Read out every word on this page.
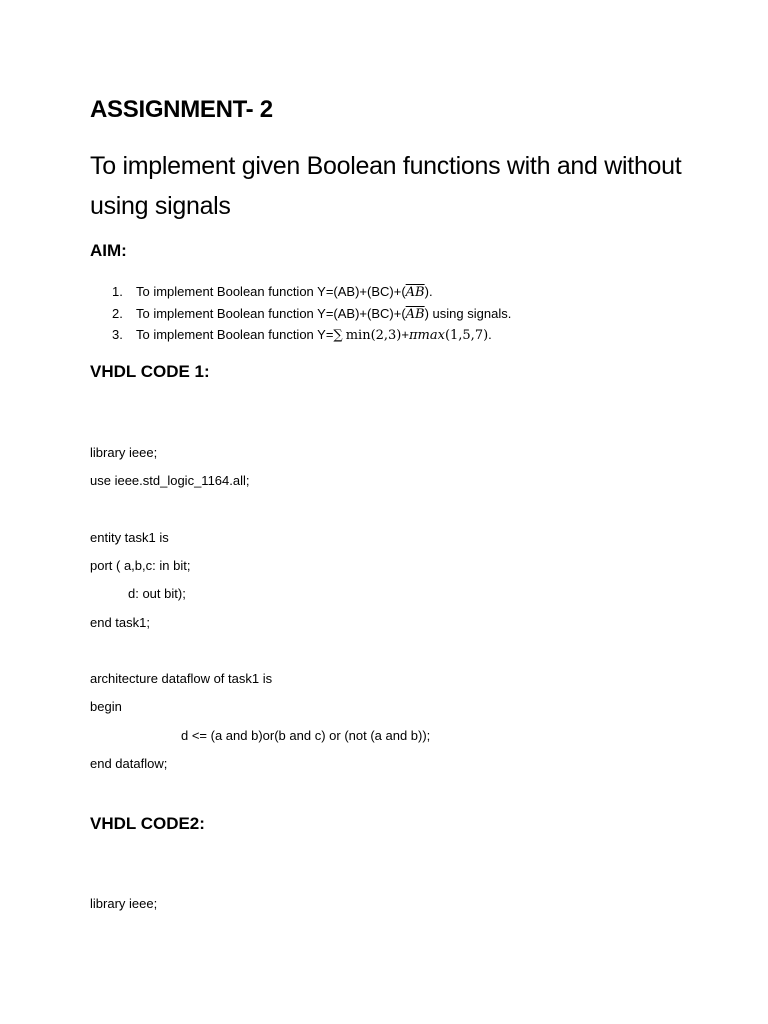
ASSIGNMENT- 2
To implement given Boolean functions with and without using signals
AIM:
1. To implement Boolean function $Y=(AB)+(BC)+(\overline{AB})$.
2. To implement Boolean function $Y=(AB)+(BC)+(\overline{AB})$ using signals.
3. To implement Boolean function Y=∑ min(2,3)+πmax(1,5,7).
VHDL CODE 1:
library ieee;
use ieee.std_logic_1164.all;
entity task1 is
port ( a,b,c: in bit;
d: out bit);
end task1;
architecture dataflow of task1 is
begin
d <= (a and b)or(b and c) or (not (a and b));
end dataflow;
VHDL CODE2:
library ieee;
